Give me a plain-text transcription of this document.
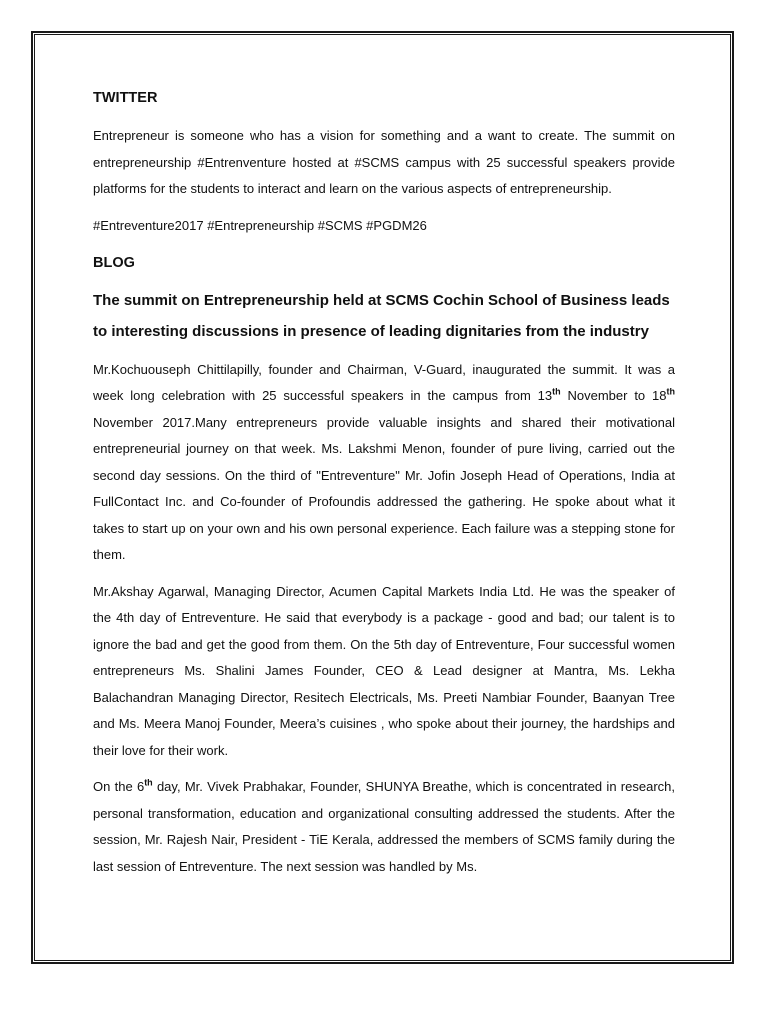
TWITTER

Entrepreneur is someone who has a vision for something and a want to create. The summit on entrepreneurship #Entrenventure hosted at #SCMS campus with 25 successful speakers provide platforms for the students to interact and learn on the various aspects of entrepreneurship.

#Entreventure2017 #Entrepreneurship #SCMS #PGDM26

BLOG
The summit on Entrepreneurship held at SCMS Cochin School of Business leads to interesting discussions in presence of leading dignitaries from the industry

Mr.Kochuouseph Chittilapilly, founder and Chairman, V-Guard, inaugurated the summit. It was a week long celebration with 25 successful speakers in the campus from 13th November to 18th November 2017.Many entrepreneurs provide valuable insights and shared their motivational entrepreneurial journey on that week. Ms. Lakshmi Menon, founder of pure living, carried out the second day sessions. On the third of "Entreventure" Mr. Jofin Joseph Head of Operations, India at FullContact Inc. and Co-founder of Profoundis addressed the gathering. He spoke about what it takes to start up on your own and his own personal experience. Each failure was a stepping stone for them.

Mr.Akshay Agarwal, Managing Director, Acumen Capital Markets India Ltd. He was the speaker of the 4th day of Entreventure. He said that everybody is a package - good and bad; our talent is to ignore the bad and get the good from them. On the 5th day of Entreventure, Four successful women entrepreneurs Ms. Shalini James Founder, CEO & Lead designer at Mantra, Ms. Lekha Balachandran Managing Director, Resitech Electricals, Ms. Preeti Nambiar Founder, Baanyan Tree and Ms. Meera Manoj Founder, Meera’s cuisines , who spoke about their journey, the hardships and their love for their work.

On the 6th day, Mr. Vivek Prabhakar, Founder, SHUNYA Breathe, which is concentrated in research, personal transformation, education and organizational consulting addressed the students. After the session, Mr. Rajesh Nair, President - TiE Kerala, addressed the members of SCMS family during the last session of Entreventure. The next session was handled by Ms.
